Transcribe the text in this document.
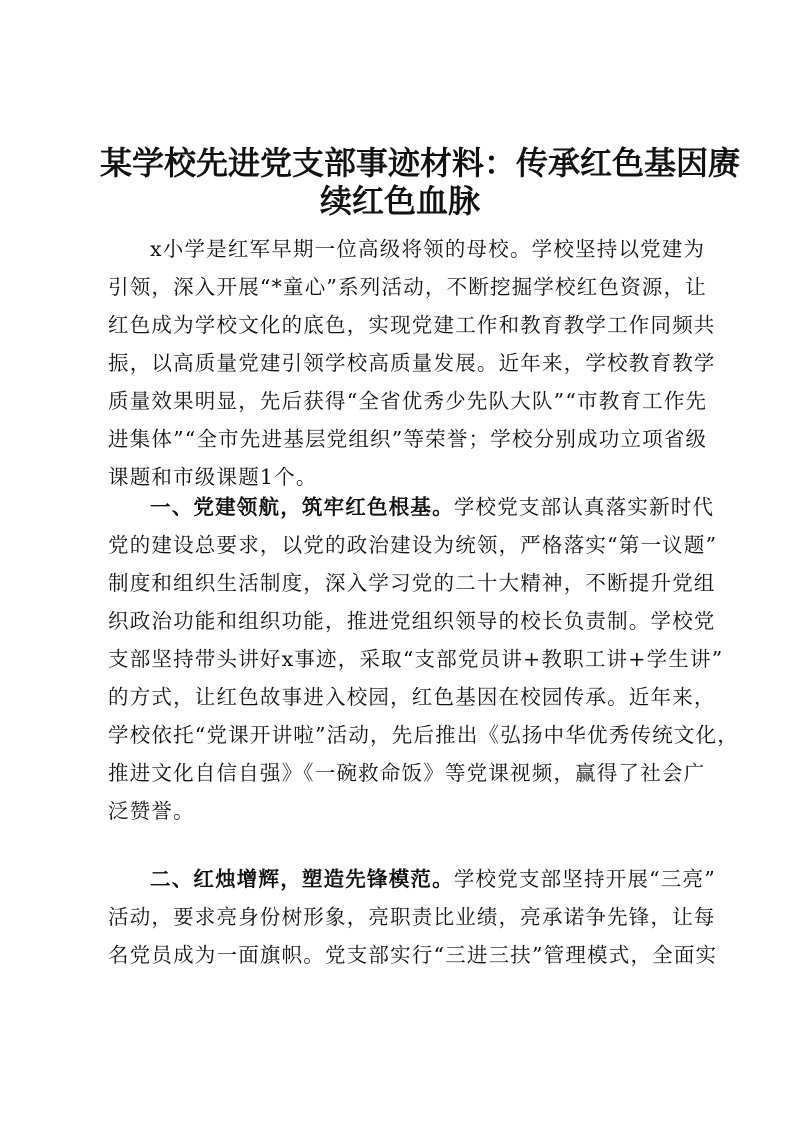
某学校先进党支部事迹材料：传承红色基因赓
续红色血脉
x小学是红军早期一位高级将领的母校。学校坚持以党建为
引领，深入开展“*童心”系列活动，不断挖掘学校红色资源，让
红色成为学校文化的底色，实现党建工作和教育教学工作同频共
振，以高质量党建引领学校高质量发展。近年来，学校教育教学
质量效果明显，先后获得“全省优秀少先队大队”“市教育工作先
进集体”“全市先进基层党组织”等荣誉；学校分别成功立项省级
课题和市级课题1个。
一、党建领航，筑牢红色根基。学校党支部认真落实新时代
党的建设总要求，以党的政治建设为统领，严格落实“第一议题”
制度和组织生活制度，深入学习党的二十大精神，不断提升党组
织政治功能和组织功能，推进党组织领导的校长负责制。学校党
支部坚持带头讲好x事迹，采取“支部党员讲+教职工讲+学生讲”
的方式，让红色故事进入校园，红色基因在校园传承。近年来，
学校依托“党课开讲啦”活动，先后推出《弘扬中华优秀传统文化，
推进文化自信自强》《一碗救命饭》等党课视频，赢得了社会广
泛赞誉。
二、红烛增辉，塑造先锋模范。学校党支部坚持开展“三亮”
活动，要求亮身份树形象，亮职责比业绩，亮承诺争先锋，让每
名党员成为一面旗帜。党支部实行“三进三扶”管理模式，全面实
